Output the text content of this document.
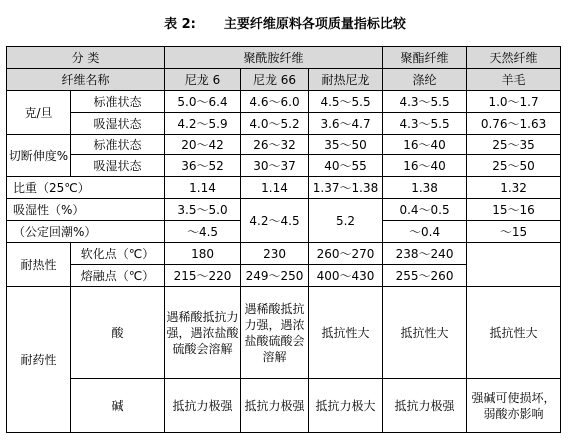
表 2: 主要纤维原料各项质量指标比较
分 类		聚酰胺纤维			聚酯纤维	天然纤维
纤维名称		尼龙 6	尼龙 66	耐热尼龙	涤纶	羊毛
克/旦	标准状态	5.0～6.4	4.6～6.0	4.5～5.5	4.3～5.5	1.0～1.7
	吸湿状态	4.2～5.9	4.0～5.2	3.6～4.7	4.3～5.5	0.76～1.63
切断伸度%	标准状态	20～42	26～32	35～50	16～40	25～35
	吸湿状态	36～52	30～37	40～55	16～40	25～50
比重（25℃）		1.14	1.14	1.37～1.38	1.38	1.32
吸湿性（%）		3.5～5.0	4.2～4.5	5.2	0.4～0.5	15～16
（公定回潮%）		～4.5			～0.4	～15
耐热性	软化点（℃）	180	230	260～270	238～240	
	熔融点（℃）	215～220	249～250	400～430	255～260	
耐药性	酸	遇稀酸抵抗力强，遇浓盐酸硫酸会溶解	遇稀酸抵抗力强，遇浓盐酸硫酸会溶解	抵抗性大	抵抗性大	抵抗性大
	碱	抵抗力极强	抵抗力极强	抵抗力极大	抵抗力极强	强碱可使损坏，弱酸亦影响
